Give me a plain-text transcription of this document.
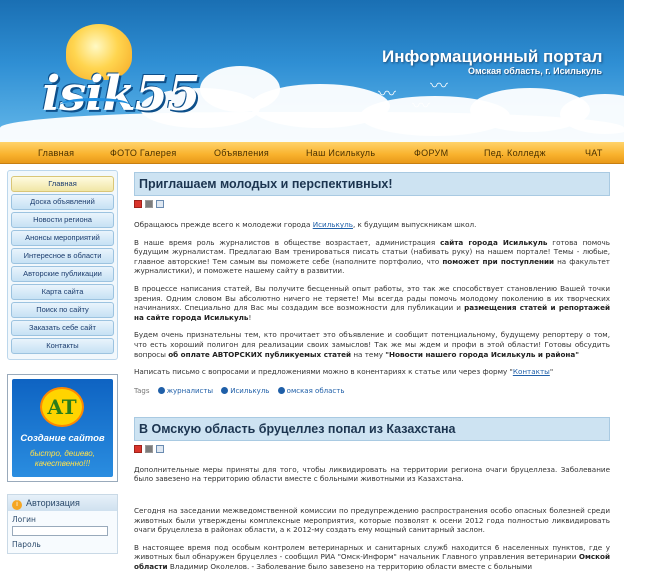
isik55
Информационный портал
Омская область, г. Исилькуль
〰
〰
〰
Главная	ФОТО Галерея	Объявления	Наш Исилькуль	ФОРУМ	Пед. Колледж	ЧАТ
Главная
Доска объявлений
Новости региона
Анонсы мероприятий
Интересное в области
Авторские публикации
Карта сайта
Поиск по сайту
Заказать себе сайт
Контакты
AT
Создание сайтов
быстро, дешево, качественно!!!
i Авторизация
Логин
Пароль
Приглашаем молодых и перспективных!

Обращаюсь прежде всего к молодежи города Исилькуль, к будущим выпускникам школ.

В наше время роль журналистов в обществе возрастает, администрация сайта города Исилькуль готова помочь будущим журналистам. Предлагаю Вам тренироваться писать статьи (набивать руку) на нашем портале! Темы - любые, главное авторские! Тем самым вы поможете себе (наполните портфолио, что поможет при поступлении на факультет журналистики), и поможете нашему сайту в развитии.

В процессе написания статей, Вы получите бесценный опыт работы, это так же способствует становлению Вашей точки зрения. Одним словом Вы абсолютно ничего не теряете! Мы всегда рады помочь молодому поколению в их творческих начинаниях. Специально для Вас мы создадим все возможности для публикации и размещения статей и репортажей на сайте города Исилькуль!

Будем очень признательны тем, кто прочитает это объявление и сообщит потенциальному, будущему репортеру о том, что есть хороший полигон для реализации своих замыслов! Так же мы ждем и профи в этой области! Готовы обсудить вопросы об оплате АВТОРСКИХ публикуемых статей на тему "Новости нашего города Исилькуль и района"

Написать письмо с вопросами и предложениями можно в конентариях к статье или через форму "Контакты"

Tags журналисты Исилькуль омская область
В Омскую область бруцеллез попал из Казахстана

Дополнительные меры приняты для того, чтобы ликвидировать на территории региона очаги бруцеллеза. Заболевание было завезено на территорию области вместе с больными животными из Казахстана.

Сегодня на заседании межведомственной комиссии по предупреждению распространения особо опасных болезней среди животных были утверждены комплексные мероприятия, которые позволят к осени 2012 года полностью ликвидировать очаги бруцеллеза в районах области, а к 2012-му создать ему мощный санитарный заслон.

В настоящее время под особым контролем ветеринарных и санитарных служб находится 6 населенных пунктов, где у животных был обнаружен бруцеллез - сообщил РИА "Омск-Информ" начальник Главного управления ветеринарии Омской области Владимир Околелов. - Заболевание было завезено на территорию области вместе с больными
